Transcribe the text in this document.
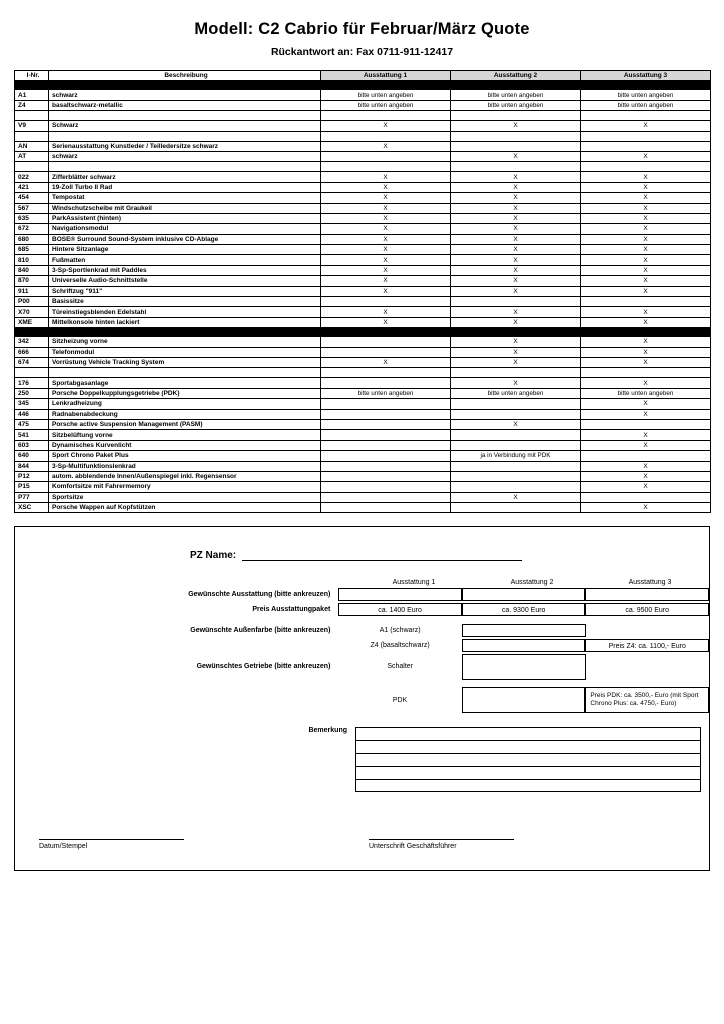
Modell: C2 Cabrio für Februar/März Quote
Rückantwort an: Fax 0711-911-12417
I-Nr.	Beschreibung	Ausstattung 1	Ausstattung 2	Ausstattung 3

A1	schwarz	bitte unten angeben	bitte unten angeben	bitte unten angeben
Z4	basaltschwarz-metallic	bitte unten angeben	bitte unten angeben	bitte unten angeben

V9	Schwarz	X	X	X

AN	Serienausstattung Kunstleder / Teilledersitze schwarz	X		
AT	schwarz		X	X

022	Zifferblätter schwarz	X	X	X
421	19-Zoll Turbo II Rad	X	X	X
454	Tempostat	X	X	X
567	Windschutzscheibe mit Graukeil	X	X	X
635	ParkAssistent (hinten)	X	X	X
672	Navigationsmodul	X	X	X
680	BOSE® Surround Sound-System inklusive CD-Ablage	X	X	X
685	Hintere Sitzanlage	X	X	X
810	Fußmatten	X	X	X
840	3-Sp-Sportlenkrad mit Paddles	X	X	X
870	Universelle Audio-Schnittstelle	X	X	X
911	Schriftzug "911"	X	X	X
P00	Basissitze			
X70	Türeinstiegsblenden Edelstahl	X	X	X
XME	Mittelkonsole hinten lackiert	X	X	X

342	Sitzheizung vorne		X	X
666	Telefonmodul		X	X
674	Vorrüstung Vehicle Tracking System	X	X	X

176	Sportabgasanlage		X	X
250	Porsche Doppelkupplungsgetriebe (PDK)	bitte unten angeben	bitte unten angeben	bitte unten angeben
345	Lenkradheizung			X
446	Radnabenabdeckung			X
475	Porsche active Suspension Management (PASM)		X	
541	Sitzbelüftung vorne			X
603	Dynamisches Kurvenlicht			X
640	Sport Chrono Paket Plus		ja in Verbindung mit PDK	
844	3-Sp-Multifunktionslenkrad			X
P12	autom. abblendende Innen/Außenspiegel inkl. Regensensor			X
P15	Komfortsitze mit Fahrermemory			X
P77	Sportsitze		X	
XSC	Porsche Wappen auf Kopfstützen			X
PZ Name:
Ausstattung 1	Ausstattung 2	Ausstattung 3
Gewünschte Ausstattung (bitte ankreuzen)
Preis Ausstattungpaket	ca. 1400 Euro	ca. 9300 Euro	ca. 9500 Euro
Gewünschte Außenfarbe (bitte ankreuzen)	A1 (schwarz)
Z4 (basaltschwarz)	Preis Z4: ca. 1100,- Euro
Gewünschtes Getriebe (bitte ankreuzen)	Schalter
PDK
Preis PDK: ca. 3500,- Euro (mit Sport Chrono Plus: ca. 4750,- Euro)
Bemerkung
Datum/Stempel	Unterschrift Geschäftsführer
